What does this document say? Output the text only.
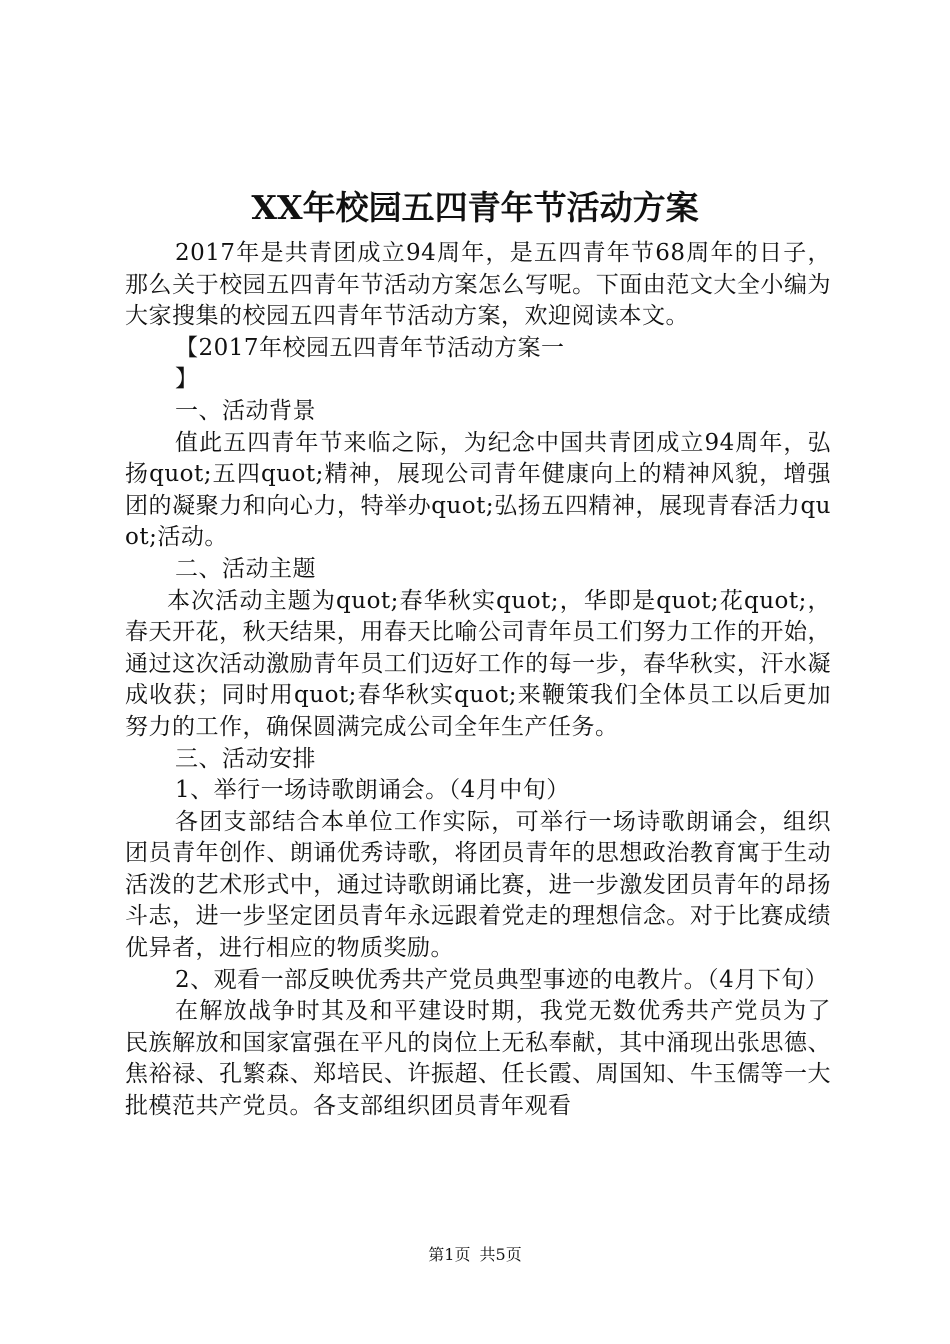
XX年校园五四青年节活动方案

2017年是共青团成立94周年，是五四青年节68周年的日子，那么关于校园五四青年节活动方案怎么写呢。下面由范文大全小编为大家搜集的校园五四青年节活动方案，欢迎阅读本文。

【2017年校园五四青年节活动方案一

】

一、活动背景

值此五四青年节来临之际，为纪念中国共青团成立94周年，弘扬quot;五四quot;精神，展现公司青年健康向上的精神风貌，增强团的凝聚力和向心力，特举办quot;弘扬五四精神，展现青春活力quot;活动。

二、活动主题

本次活动主题为quot;春华秋实quot;，华即是quot;花quot;，春天开花，秋天结果，用春天比喻公司青年员工们努力工作的开始，通过这次活动激励青年员工们迈好工作的每一步，春华秋实，汗水凝成收获；同时用quot;春华秋实quot;来鞭策我们全体员工以后更加努力的工作，确保圆满完成公司全年生产任务。

三、活动安排

1、举行一场诗歌朗诵会。（4月中旬）

各团支部结合本单位工作实际，可举行一场诗歌朗诵会，组织团员青年创作、朗诵优秀诗歌，将团员青年的思想政治教育寓于生动活泼的艺术形式中，通过诗歌朗诵比赛，进一步激发团员青年的昂扬斗志，进一步坚定团员青年永远跟着党走的理想信念。对于比赛成绩优异者，进行相应的物质奖励。

2、观看一部反映优秀共产党员典型事迹的电教片。（4月下旬）

在解放战争时其及和平建设时期，我党无数优秀共产党员为了民族解放和国家富强在平凡的岗位上无私奉献，其中涌现出张思德、焦裕禄、孔繁森、郑培民、许振超、任长霞、周国知、牛玉儒等一大批模范共产党员。各支部组织团员青年观看

第1页 共5页
